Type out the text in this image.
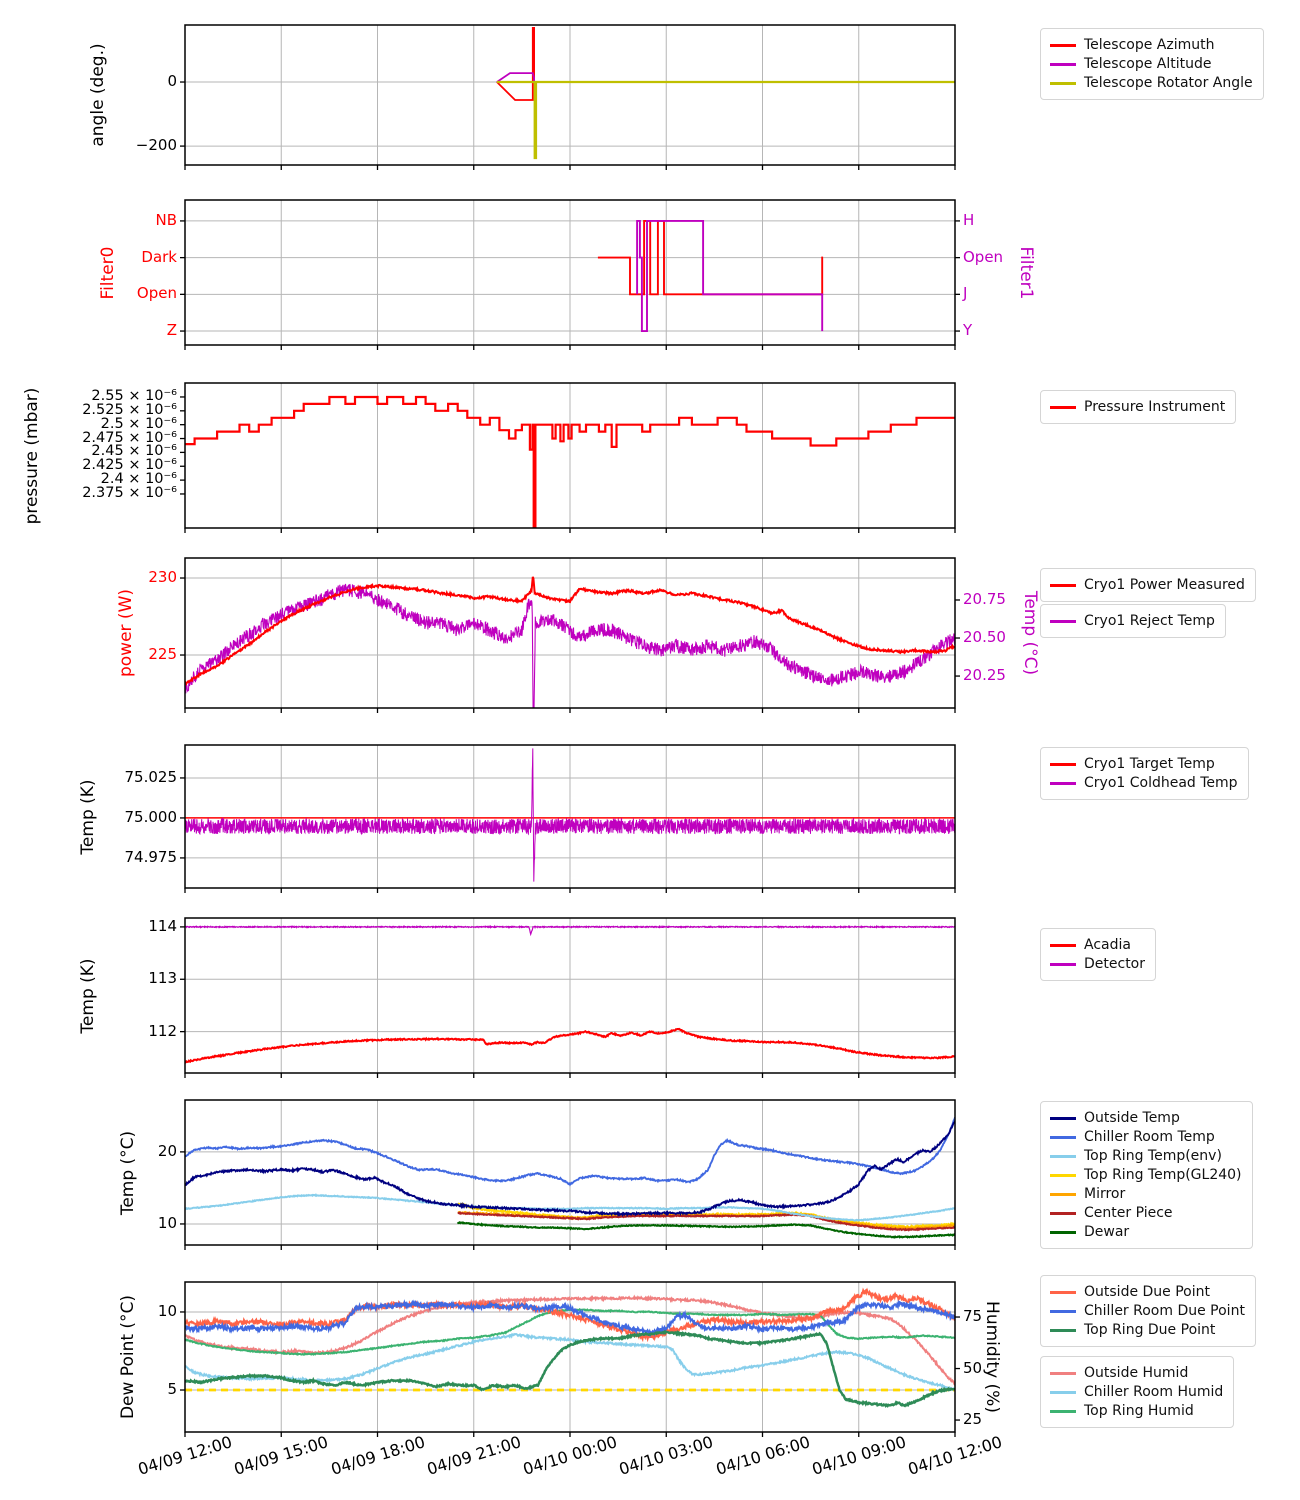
0
−200
angle (deg.)	Telescope Azimuth
Telescope Altitude
Telescope Rotator Angle
NB
Dark
Open
Z
H
Open
J
Y
Filter0	Filter1
2.55 × 10⁻⁶
2.525 × 10⁻⁶
2.5 × 10⁻⁶
2.475 × 10⁻⁶
2.45 × 10⁻⁶
2.425 × 10⁻⁶
2.4 × 10⁻⁶
2.375 × 10⁻⁶
pressure (mbar)	Pressure Instrument
230
225
20.75
20.50
20.25
power (W)	Temp (°C)
Cryo1 Power Measured
Cryo1 Reject Temp
75.025
75.000
74.975
Temp (K)
Cryo1 Target Temp
Cryo1 Coldhead Temp
114
113
112
Temp (K)
Acadia
Detector
20
10
Temp (°C)
Outside Temp
Chiller Room Temp
Top Ring Temp(env)
Top Ring Temp(GL240)
Mirror
Center Piece
Dewar
10
5
75
50
25
Dew Point (°C)	Humidity (%)
Outside Due Point
Chiller Room Due Point
Top Ring Due Point
Outside Humid
Chiller Room Humid
Top Ring Humid
04/09 12:00
04/09 15:00
04/09 18:00
04/09 21:00
04/10 00:00
04/10 03:00
04/10 06:00
04/10 09:00
04/10 12:00
